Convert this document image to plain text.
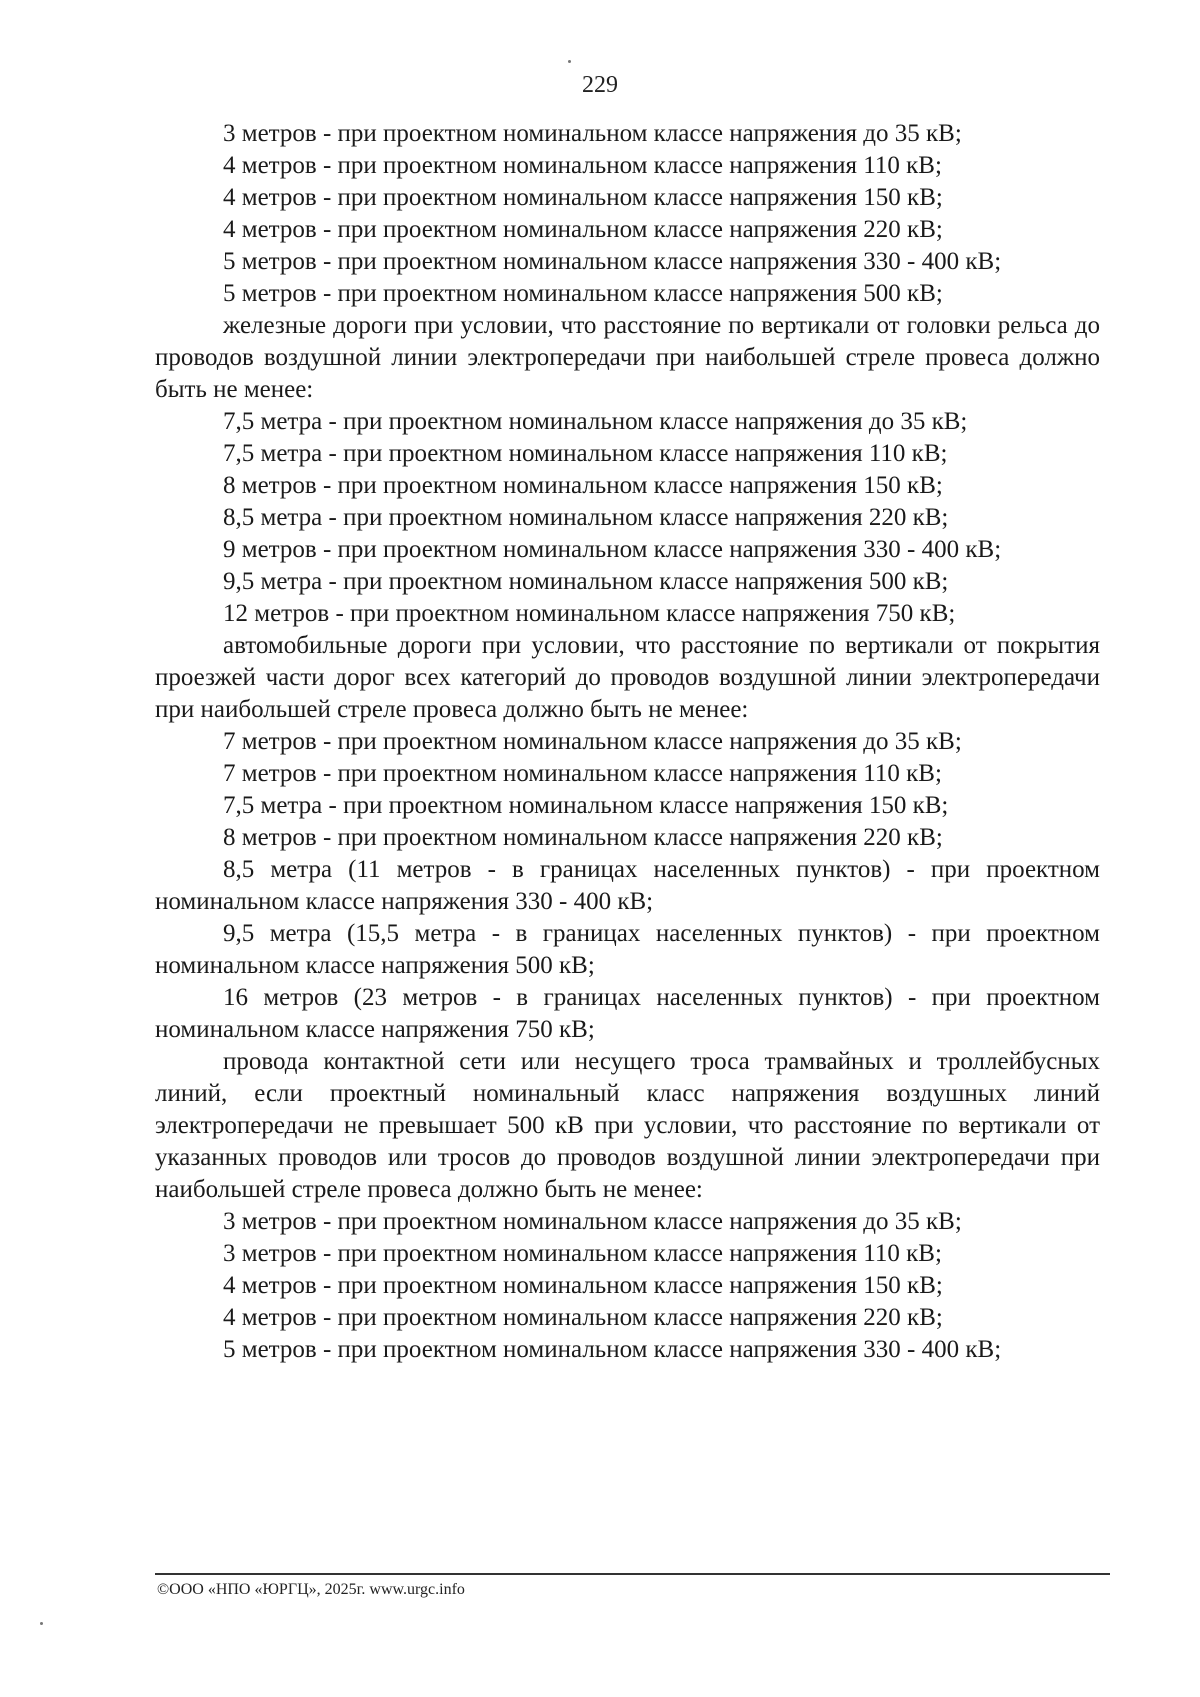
229

3 метров - при проектном номинальном классе напряжения до 35 кВ;

4 метров - при проектном номинальном классе напряжения 110 кВ;

4 метров - при проектном номинальном классе напряжения 150 кВ;

4 метров - при проектном номинальном классе напряжения 220 кВ;

5 метров - при проектном номинальном классе напряжения 330 - 400 кВ;

5 метров - при проектном номинальном классе напряжения 500 кВ;

железные дороги при условии, что расстояние по вертикали от головки рельса до проводов воздушной линии электропередачи при наибольшей стреле провеса должно быть не менее:

7,5 метра - при проектном номинальном классе напряжения до 35 кВ;

7,5 метра - при проектном номинальном классе напряжения 110 кВ;

8 метров - при проектном номинальном классе напряжения 150 кВ;

8,5 метра - при проектном номинальном классе напряжения 220 кВ;

9 метров - при проектном номинальном классе напряжения 330 - 400 кВ;

9,5 метра - при проектном номинальном классе напряжения 500 кВ;

12 метров - при проектном номинальном классе напряжения 750 кВ;

автомобильные дороги при условии, что расстояние по вертикали от покрытия проезжей части дорог всех категорий до проводов воздушной линии электропередачи при наибольшей стреле провеса должно быть не менее:

7 метров - при проектном номинальном классе напряжения до 35 кВ;

7 метров - при проектном номинальном классе напряжения 110 кВ;

7,5 метра - при проектном номинальном классе напряжения 150 кВ;

8 метров - при проектном номинальном классе напряжения 220 кВ;

8,5 метра (11 метров - в границах населенных пунктов) - при проектном номинальном классе напряжения 330 - 400 кВ;

9,5 метра (15,5 метра - в границах населенных пунктов) - при проектном номинальном классе напряжения 500 кВ;

16 метров (23 метров - в границах населенных пунктов) - при проектном номинальном классе напряжения 750 кВ;

провода контактной сети или несущего троса трамвайных и троллейбусных линий, если проектный номинальный класс напряжения воздушных линий электропередачи не превышает 500 кВ при условии, что расстояние по вертикали от указанных проводов или тросов до проводов воздушной линии электропередачи при наибольшей стреле провеса должно быть не менее:

3 метров - при проектном номинальном классе напряжения до 35 кВ;

3 метров - при проектном номинальном классе напряжения 110 кВ;

4 метров - при проектном номинальном классе напряжения 150 кВ;

4 метров - при проектном номинальном классе напряжения 220 кВ;

5 метров - при проектном номинальном классе напряжения 330 - 400 кВ;

©ООО «НПО «ЮРГЦ», 2025г. www.urgc.info
